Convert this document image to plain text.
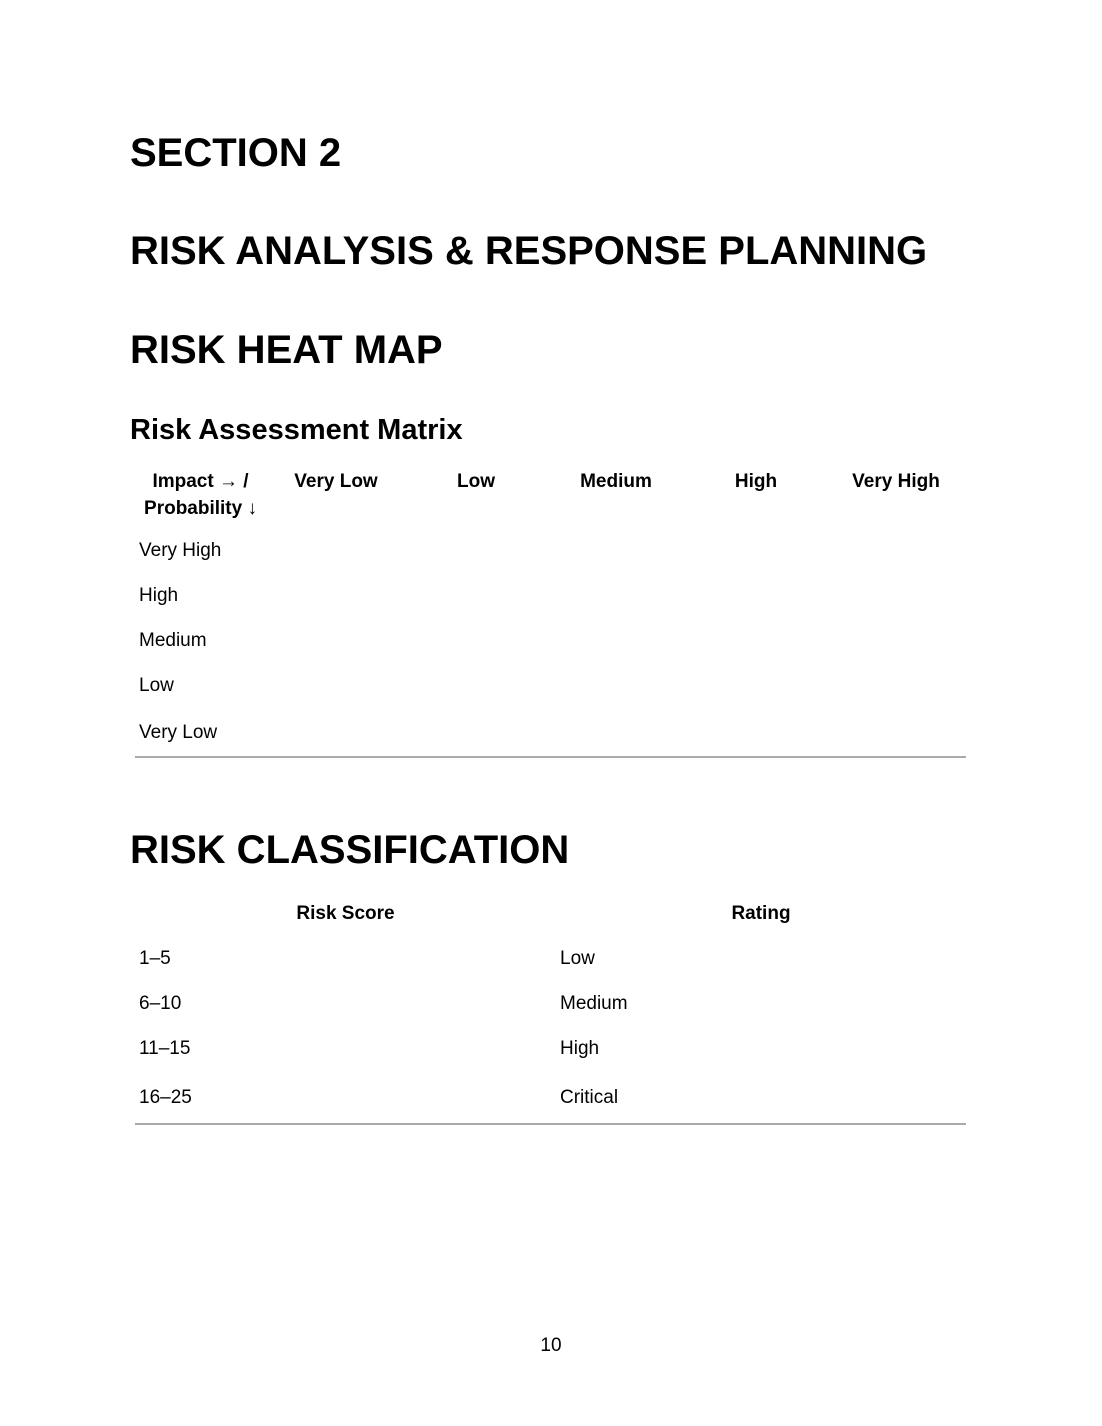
SECTION 2
RISK ANALYSIS & RESPONSE PLANNING
RISK HEAT MAP
Risk Assessment Matrix
Impact → /
Probability ↓	Very Low	Low	Medium	High	Very High
Very High					
High					
Medium					
Low					
Very Low					
RISK CLASSIFICATION
Risk Score	Rating
1–5	Low
6–10	Medium
11–15	High
16–25	Critical
10
